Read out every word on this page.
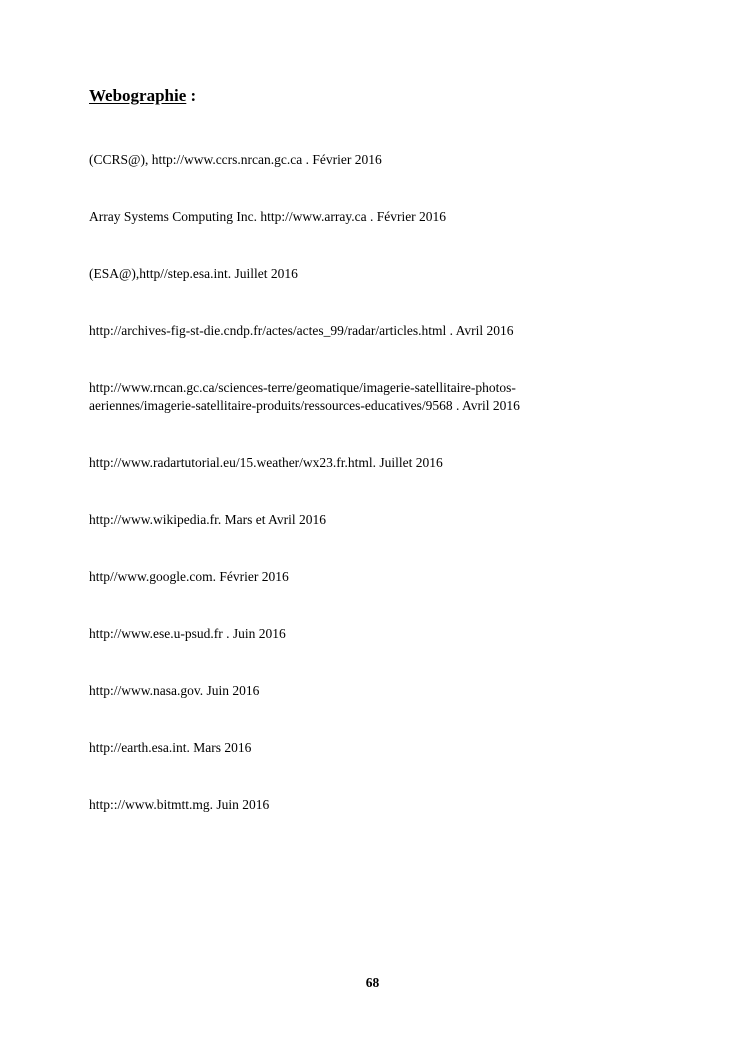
Webographie :
(CCRS@), http://www.ccrs.nrcan.gc.ca . Février 2016
Array Systems Computing Inc. http://www.array.ca . Février 2016
(ESA@),http//step.esa.int. Juillet 2016
http://archives-fig-st-die.cndp.fr/actes/actes_99/radar/articles.html . Avril 2016
http://www.rncan.gc.ca/sciences-terre/geomatique/imagerie-satellitaire-photos-
aeriennes/imagerie-satellitaire-produits/ressources-educatives/9568 . Avril 2016
http://www.radartutorial.eu/15.weather/wx23.fr.html. Juillet 2016
http://www.wikipedia.fr. Mars et Avril 2016
http//www.google.com. Février 2016
http://www.ese.u-psud.fr . Juin 2016
http://www.nasa.gov. Juin 2016
http://earth.esa.int. Mars 2016
http:://www.bitmtt.mg. Juin 2016
68
